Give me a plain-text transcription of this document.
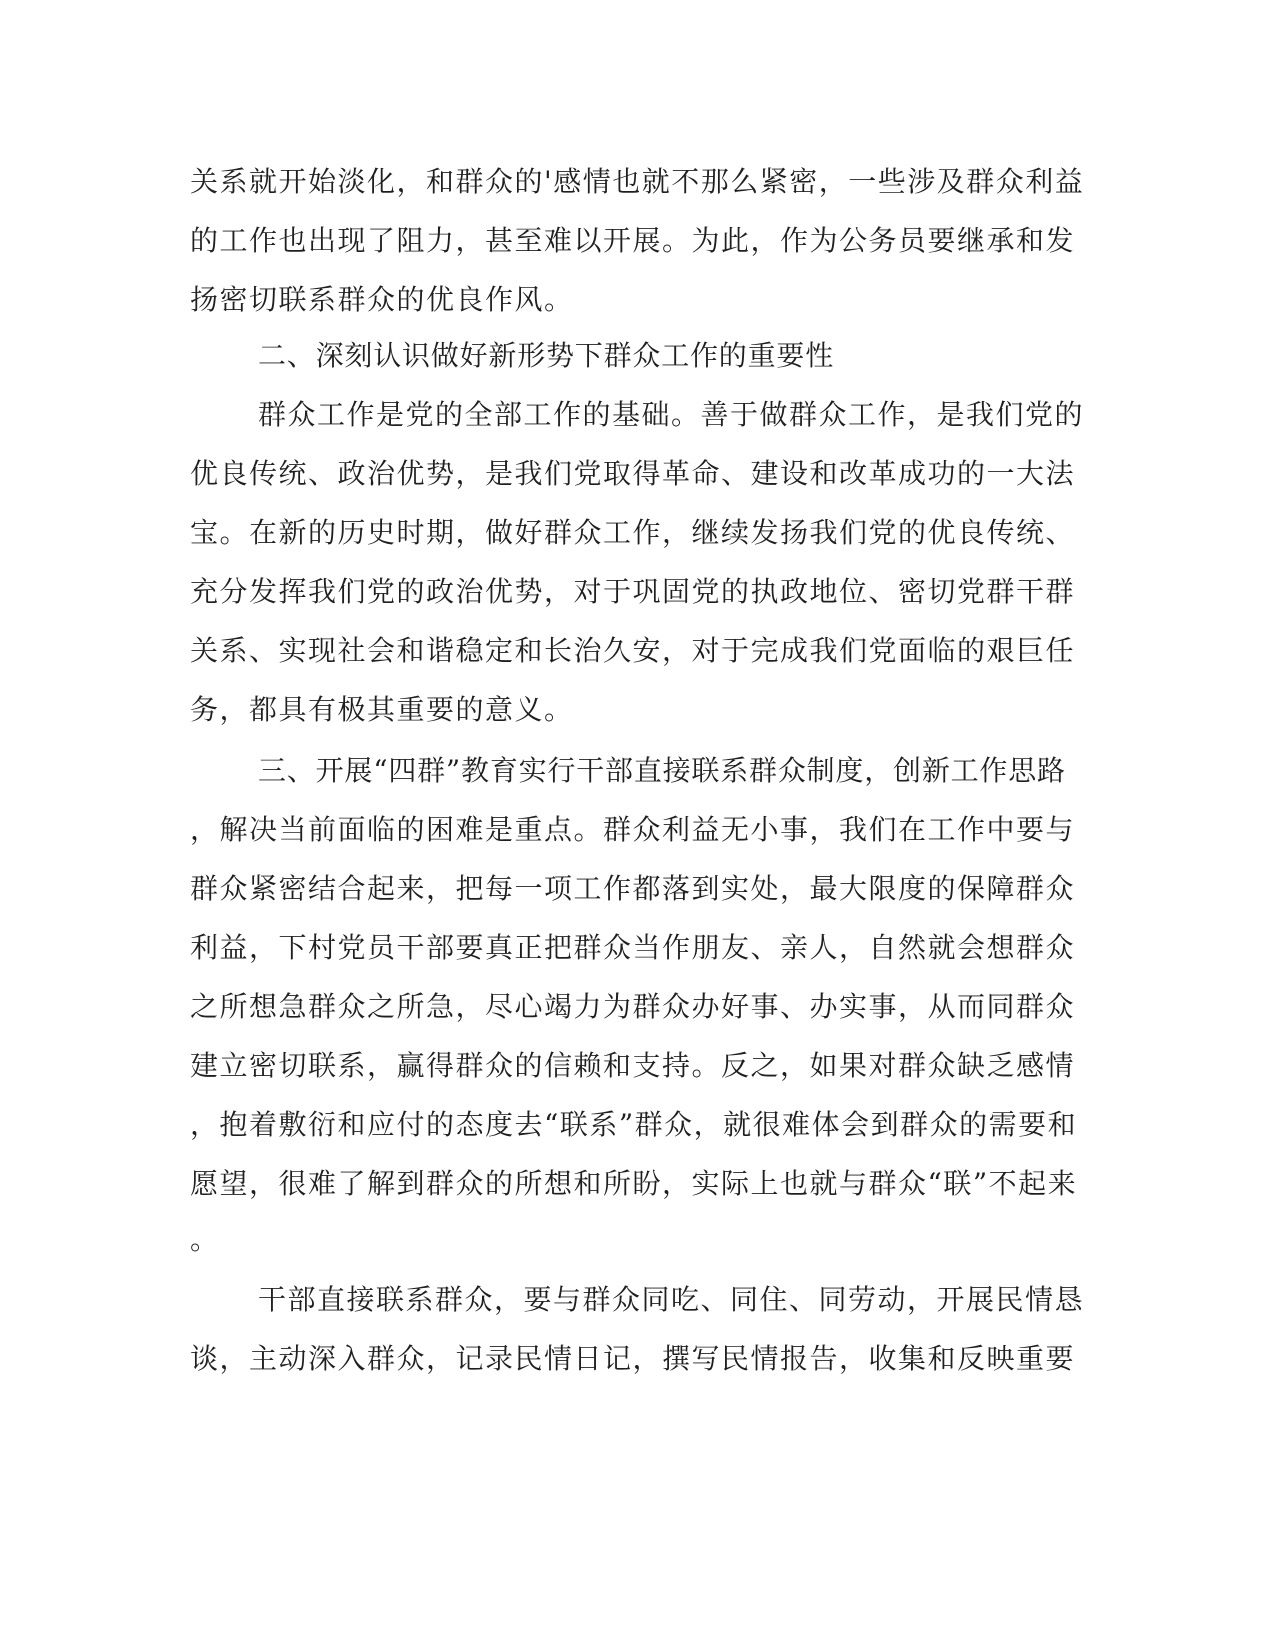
关系就开始淡化，和群众的'感情也就不那么紧密，一些涉及群众利益
的工作也出现了阻力，甚至难以开展。为此，作为公务员要继承和发
扬密切联系群众的优良作风。
二、深刻认识做好新形势下群众工作的重要性
群众工作是党的全部工作的基础。善于做群众工作，是我们党的
优良传统、政治优势，是我们党取得革命、建设和改革成功的一大法
宝。在新的历史时期，做好群众工作，继续发扬我们党的优良传统、
充分发挥我们党的政治优势，对于巩固党的执政地位、密切党群干群
关系、实现社会和谐稳定和长治久安，对于完成我们党面临的艰巨任
务，都具有极其重要的意义。
三、开展“四群”教育实行干部直接联系群众制度，创新工作思路
，解决当前面临的困难是重点。群众利益无小事，我们在工作中要与
群众紧密结合起来，把每一项工作都落到实处，最大限度的保障群众
利益，下村党员干部要真正把群众当作朋友、亲人，自然就会想群众
之所想急群众之所急，尽心竭力为群众办好事、办实事，从而同群众
建立密切联系，赢得群众的信赖和支持。反之，如果对群众缺乏感情
，抱着敷衍和应付的态度去“联系”群众，就很难体会到群众的需要和
愿望，很难了解到群众的所想和所盼，实际上也就与群众“联”不起来
。
干部直接联系群众，要与群众同吃、同住、同劳动，开展民情恳
谈，主动深入群众，记录民情日记，撰写民情报告，收集和反映重要
